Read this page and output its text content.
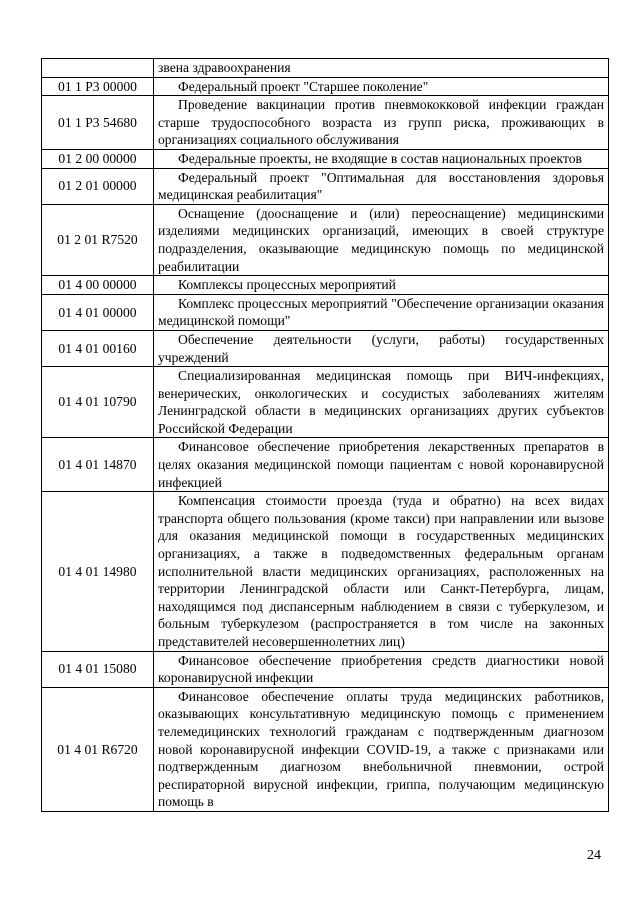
	звена здравоохранения
01 1 P3 00000	Федеральный проект "Старшее поколение"
01 1 P3 54680	Проведение вакцинации против пневмококковой инфекции граждан старше трудоспособного возраста из групп риска, проживающих в организациях социального обслуживания
01 2 00 00000	Федеральные проекты, не входящие в состав национальных проектов
01 2 01 00000	Федеральный проект "Оптимальная для восстановления здоровья медицинская реабилитация"
01 2 01 R7520	Оснащение (дооснащение и (или) переоснащение) медицинскими изделиями медицинских организаций, имеющих в своей структуре подразделения, оказывающие медицинскую помощь по медицинской реабилитации
01 4 00 00000	Комплексы процессных мероприятий
01 4 01 00000	Комплекс процессных мероприятий "Обеспечение организации оказания медицинской помощи"
01 4 01 00160	Обеспечение деятельности (услуги, работы) государственных учреждений
01 4 01 10790	Специализированная медицинская помощь при ВИЧ-инфекциях, венерических, онкологических и сосудистых заболеваниях жителям Ленинградской области в медицинских организациях других субъектов Российской Федерации
01 4 01 14870	Финансовое обеспечение приобретения лекарственных препаратов в целях оказания медицинской помощи пациентам с новой коронавирусной инфекцией
01 4 01 14980	Компенсация стоимости проезда (туда и обратно) на всех видах транспорта общего пользования (кроме такси) при направлении или вызове для оказания медицинской помощи в государственных медицинских организациях, а также в подведомственных федеральным органам исполнительной власти медицинских организациях, расположенных на территории Ленинградской области или Санкт-Петербурга, лицам, находящимся под диспансерным наблюдением в связи с туберкулезом, и больным туберкулезом (распространяется в том числе на законных представителей несовершеннолетних лиц)
01 4 01 15080	Финансовое обеспечение приобретения средств диагностики новой коронавирусной инфекции
01 4 01 R6720	Финансовое обеспечение оплаты труда медицинских работников, оказывающих консультативную медицинскую помощь с применением телемедицинских технологий гражданам с подтвержденным диагнозом новой коронавирусной инфекции COVID-19, а также с признаками или подтвержденным диагнозом внебольничной пневмонии, острой респираторной вирусной инфекции, гриппа, получающим медицинскую помощь в
24
